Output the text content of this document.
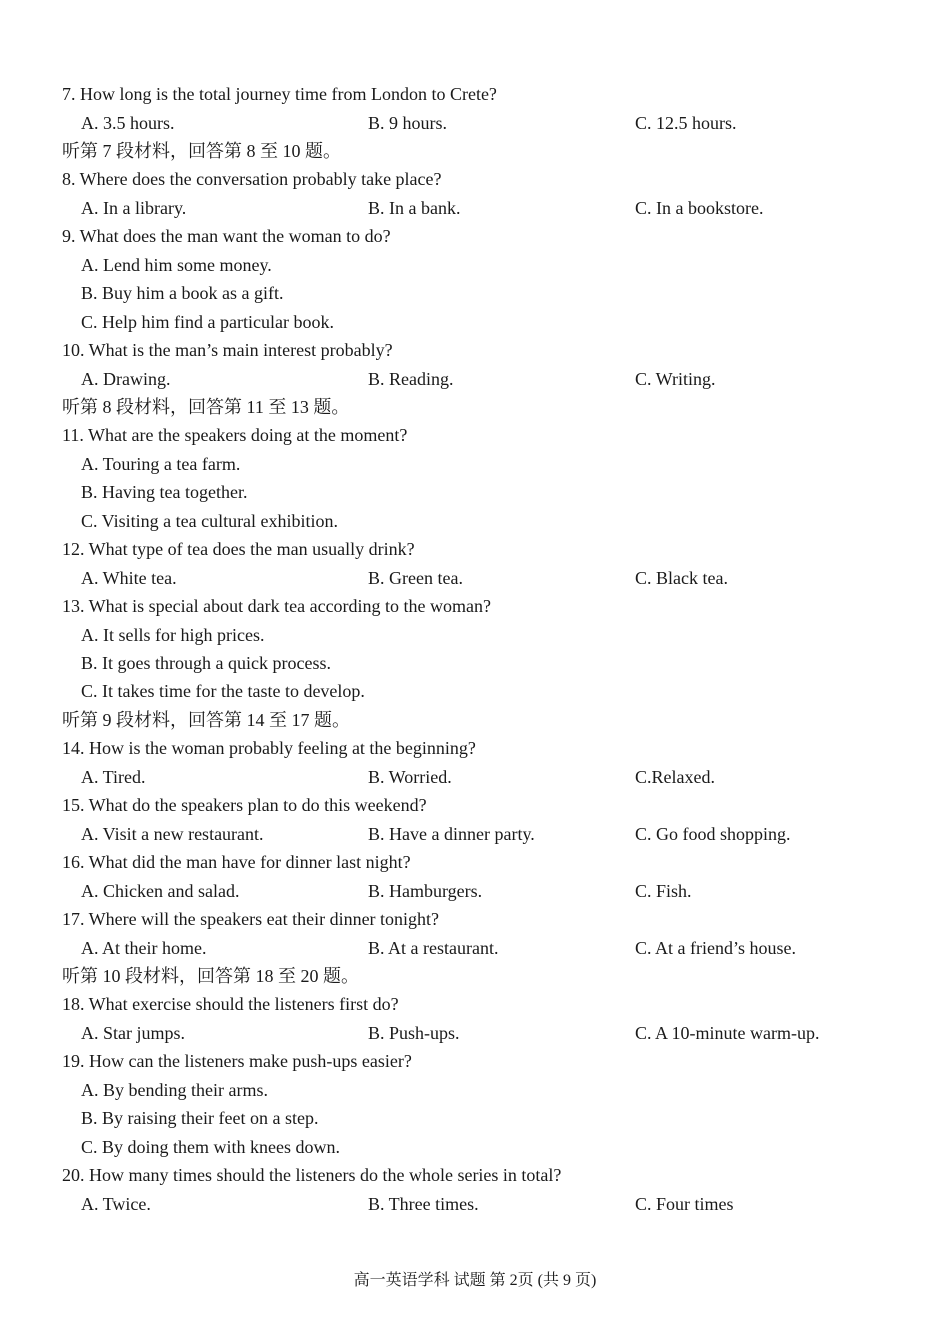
7. How long is the total journey time from London to Crete?
A. 3.5 hours.	B. 9 hours.	C. 12.5 hours.
听第 7 段材料，回答第 8 至 10 题。
8. Where does the conversation probably take place?
A. In a library.	B. In a bank.	C. In a bookstore.
9. What does the man want the woman to do?
A. Lend him some money.
B. Buy him a book as a gift.
C. Help him find a particular book.
10. What is the man’s main interest probably?
A. Drawing.	B. Reading.	C. Writing.
听第 8 段材料，回答第 11 至 13 题。
11. What are the speakers doing at the moment?
A. Touring a tea farm.
B. Having tea together.
C. Visiting a tea cultural exhibition.
12. What type of tea does the man usually drink?
A. White tea.	B. Green tea.	C. Black tea.
13. What is special about dark tea according to the woman?
A. It sells for high prices.
B. It goes through a quick process.
C. It takes time for the taste to develop.
听第 9 段材料，回答第 14 至 17 题。
14. How is the woman probably feeling at the beginning?
A. Tired.	B. Worried.	C.Relaxed.
15. What do the speakers plan to do this weekend?
A. Visit a new restaurant.	B. Have a dinner party.	C. Go food shopping.
16. What did the man have for dinner last night?
A. Chicken and salad.	B. Hamburgers.	C. Fish.
17. Where will the speakers eat their dinner tonight?
A. At their home.	B. At a restaurant.	C. At a friend’s house.
听第 10 段材料，回答第 18 至 20 题。
18. What exercise should the listeners first do?
A. Star jumps.	B. Push-ups.	C. A 10-minute warm-up.
19. How can the listeners make push-ups easier?
A. By bending their arms.
B. By raising their feet on a step.
C. By doing them with knees down.
20. How many times should the listeners do the whole series in total?
A. Twice.	B. Three times.	C. Four times
高一英语学科 试题 第 2页 (共 9 页)
